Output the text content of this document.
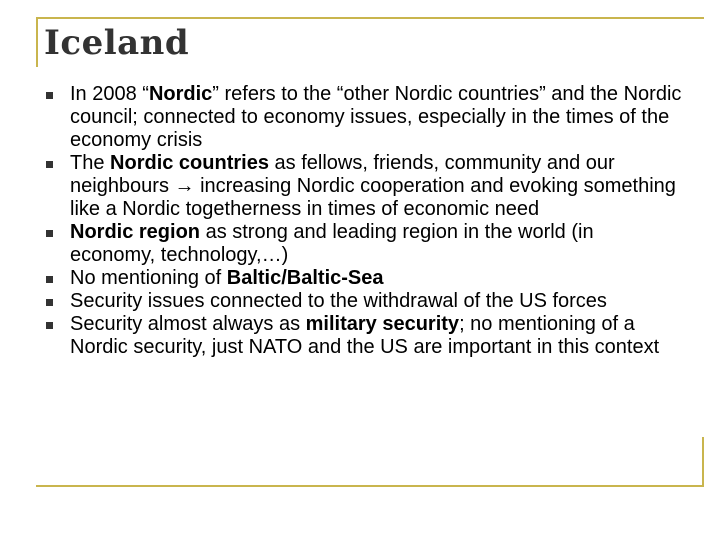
Iceland
In 2008 “Nordic” refers to the “other Nordic countries” and the Nordic council; connected to economy issues, especially in the times of the economy crisis
The Nordic countries as fellows, friends, community and our neighbours → increasing Nordic cooperation and evoking something like a Nordic togetherness in times of economic need
Nordic region as strong and leading region in the world (in economy, technology,…)
No mentioning of Baltic/Baltic-Sea
Security issues connected to the withdrawal of the US forces
Security almost always as military security; no mentioning of a Nordic security, just NATO and the US are important in this context
